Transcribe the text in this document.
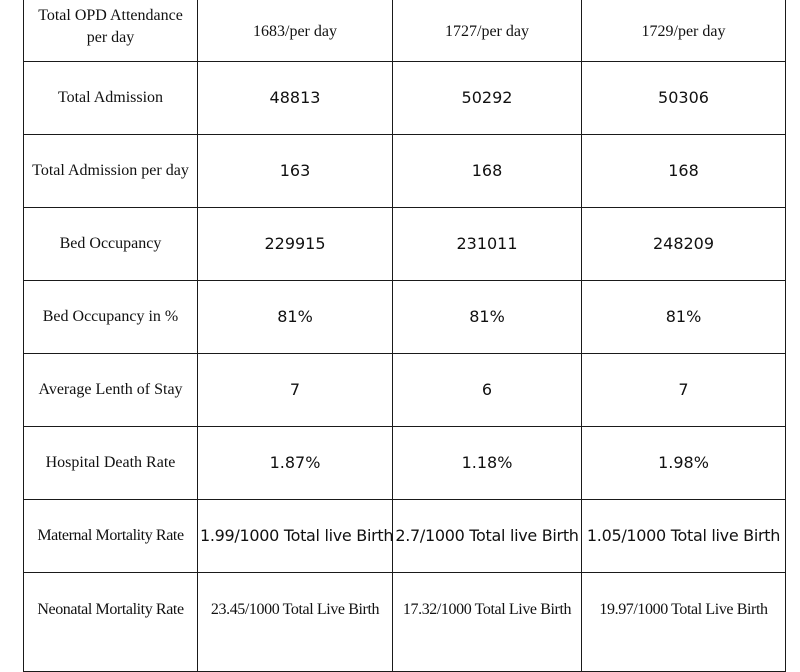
Total OPD Attendance per day	1683/per day	1727/per day	1729/per day
Total Admission	48813	50292	50306
Total Admission per day	163	168	168
Bed Occupancy	229915	231011	248209
Bed Occupancy in %	81%	81%	81%
Average Lenth of Stay	7	6	7
Hospital Death Rate	1.87%	1.18%	1.98%
Maternal Mortality Rate	1.99/1000 Total live Birth	2.7/1000 Total live Birth	1.05/1000 Total live Birth
Neonatal Mortality Rate	23.45/1000 Total Live Birth	17.32/1000 Total Live Birth	19.97/1000 Total Live Birth
